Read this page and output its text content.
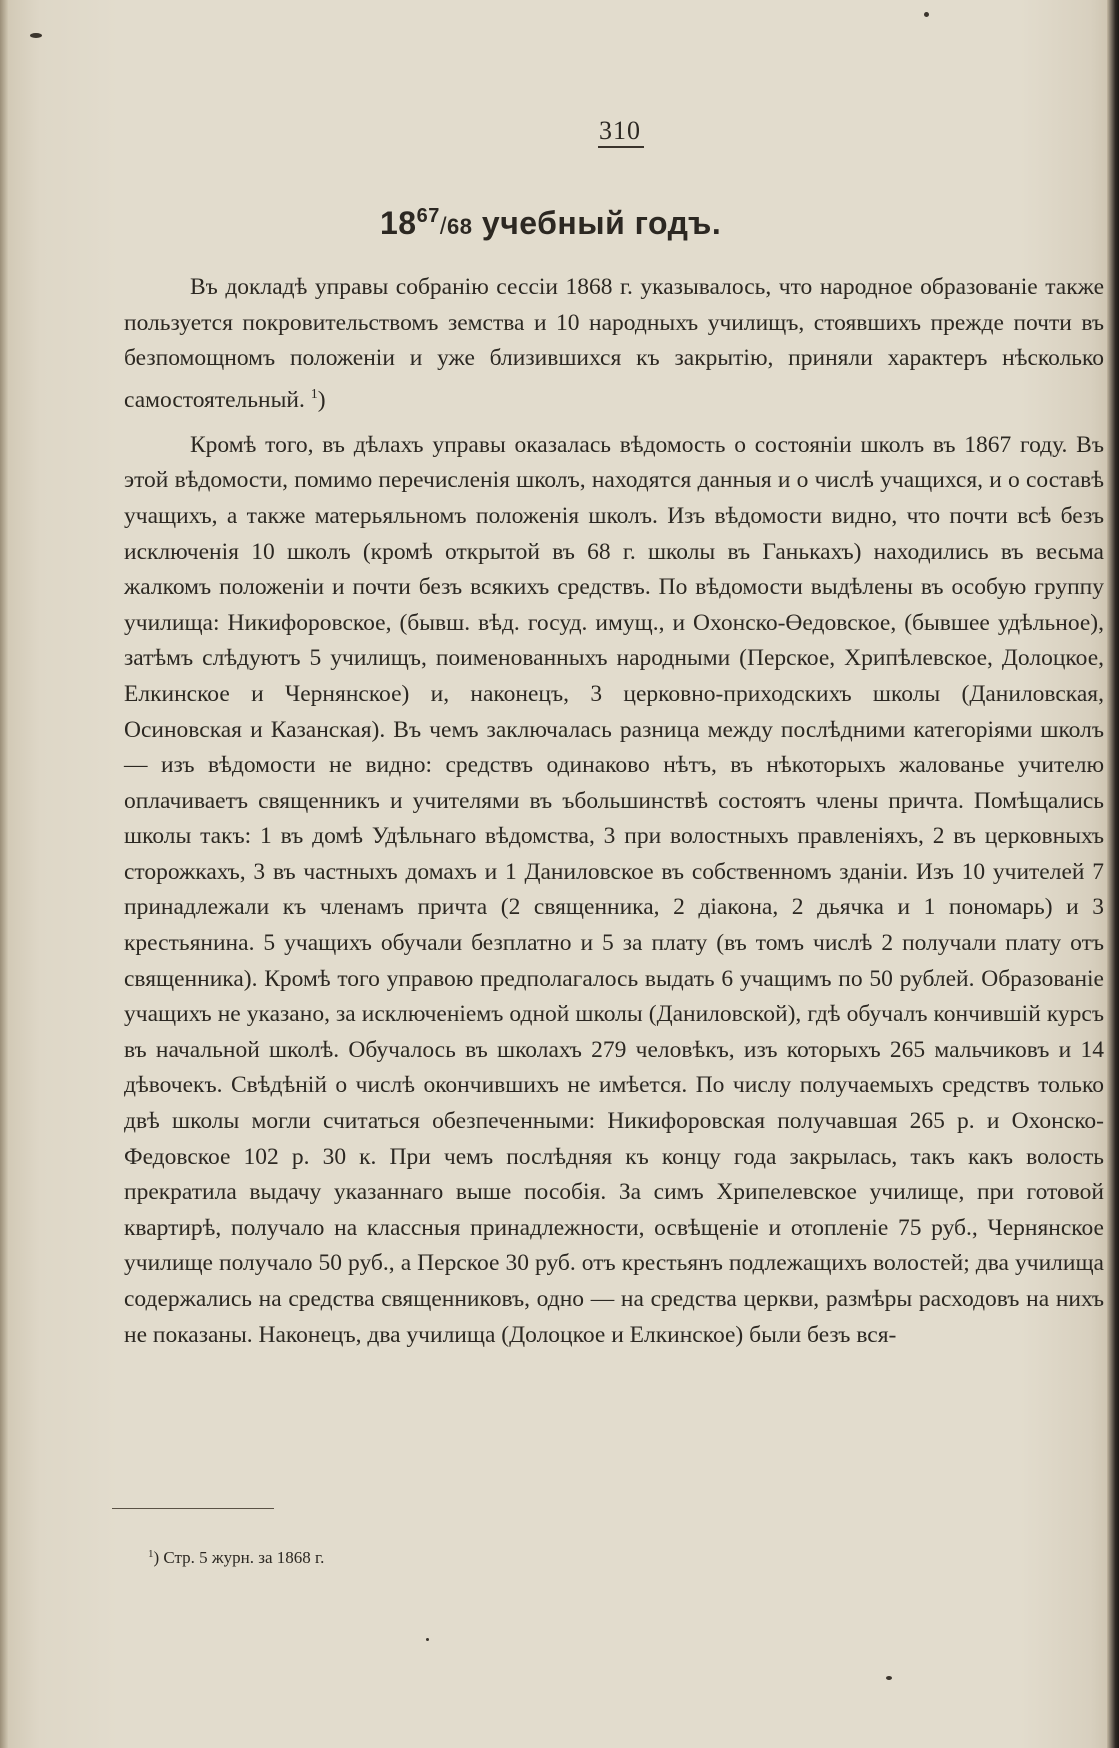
310
$18^{67}/68$ учебный годъ.

Въ докладѣ управы собранію сессіи 1868 г. указывалось, что народное образованіе также пользуется покровительствомъ земства и 10 народныхъ училищъ, стоявшихъ прежде почти въ безпомощномъ положеніи и уже близившихся къ закрытію, приняли характеръ нѣсколько самостоятельный. $^1$)

Кромѣ того, въ дѣлахъ управы оказалась вѣдомость о состояніи школъ въ 1867 году. Въ этой вѣдомости, помимо перечисленія школъ, находятся данныя и о числѣ учащихся, и о составѣ учащихъ, а также матерьяльномъ положенія школъ. Изъ вѣдомости видно, что почти всѣ безъ исключенія 10 школъ (кромѣ открытой въ 68 г. школы въ Ганькахъ) находились въ весьма жалкомъ положеніи и почти безъ всякихъ средствъ. По вѣдомости выдѣлены въ особую группу училища: Никифоровское, (бывш. вѣд. госуд. имущ., и Охонско-Өедовское, (бывшее удѣльное), затѣмъ слѣдуютъ 5 училищъ, поименованныхъ народными (Перское, Хрипѣлевское, Долоцкое, Елкинское и Чернянское) и, наконецъ, 3 церковно-приходскихъ школы (Даниловская, Осиновская и Казанская). Въ чемъ заключалась разница между послѣдними категоріями школъ — изъ вѣдомости не видно: средствъ одинаково нѣтъ, въ нѣкоторыхъ жалованье учителю оплачиваетъ священникъ и учителями въ ъбольшинствѣ состоятъ члены причта. Помѣщались школы такъ: 1 въ домѣ Удѣльнаго вѣдомства, 3 при волостныхъ правленіяхъ, 2 въ церковныхъ сторожкахъ, 3 въ частныхъ домахъ и 1 Даниловское въ собственномъ зданіи. Изъ 10 учителей 7 принадлежали къ членамъ причта (2 священника, 2 діакона, 2 дьячка и 1 пономарь) и 3 крестьянина. 5 учащихъ обучали безплатно и 5 за плату (въ томъ числѣ 2 получали плату отъ священника). Кромѣ того управою предполагалось выдать 6 учащимъ по 50 рублей. Образованіе учащихъ не указано, за исключеніемъ одной школы (Даниловской), гдѣ обучалъ кончившій курсъ въ начальной школѣ. Обучалось въ школахъ 279 человѣкъ, изъ которыхъ 265 мальчиковъ и 14 дѣвочекъ. Свѣдѣній о числѣ окончившихъ не имѣется. По числу получаемыхъ средствъ только двѣ школы могли считаться обезпеченными: Никифоровская получавшая 265 р. и Охонско-Федовское 102 р. 30 к. При чемъ послѣдняя къ концу года закрылась, такъ какъ волость прекратила выдачу указаннаго выше пособія. За симъ Хрипелевское училище, при готовой квартирѣ, получало на классныя принадлежности, освѣщеніе и отопленіе 75 руб., Чернянское училище получало 50 руб., а Перское 30 руб. отъ крестьянъ подлежащихъ волостей; два училища содержались на средства священниковъ, одно — на средства церкви, размѣры расходовъ на нихъ не показаны. Наконецъ, два училища (Долоцкое и Елкинское) были безъ вся-

$^1$) Стр. 5 журн. за 1868 г.
